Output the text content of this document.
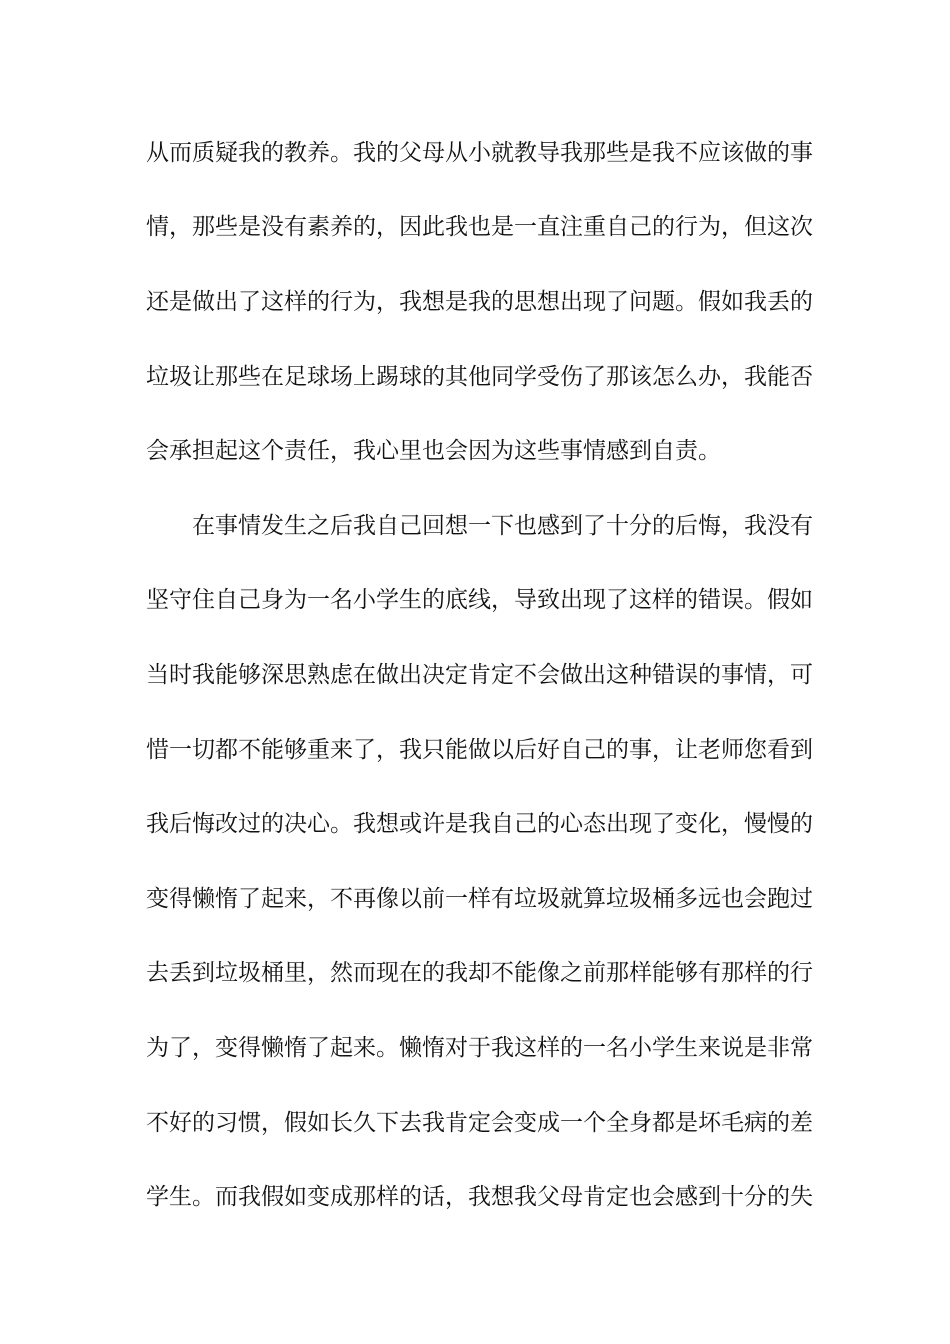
从而质疑我的教养。我的父母从小就教导我那些是我不应该做的事
情，那些是没有素养的，因此我也是一直注重自己的行为，但这次
还是做出了这样的行为，我想是我的思想出现了问题。假如我丢的
垃圾让那些在足球场上踢球的其他同学受伤了那该怎么办，我能否
会承担起这个责任，我心里也会因为这些事情感到自责。
在事情发生之后我自己回想一下也感到了十分的后悔，我没有
坚守住自己身为一名小学生的底线，导致出现了这样的错误。假如
当时我能够深思熟虑在做出决定肯定不会做出这种错误的事情，可
惜一切都不能够重来了，我只能做以后好自己的事，让老师您看到
我后悔改过的决心。我想或许是我自己的心态出现了变化，慢慢的
变得懒惰了起来，不再像以前一样有垃圾就算垃圾桶多远也会跑过
去丢到垃圾桶里，然而现在的我却不能像之前那样能够有那样的行
为了，变得懒惰了起来。懒惰对于我这样的一名小学生来说是非常
不好的习惯，假如长久下去我肯定会变成一个全身都是坏毛病的差
学生。而我假如变成那样的话，我想我父母肯定也会感到十分的失
